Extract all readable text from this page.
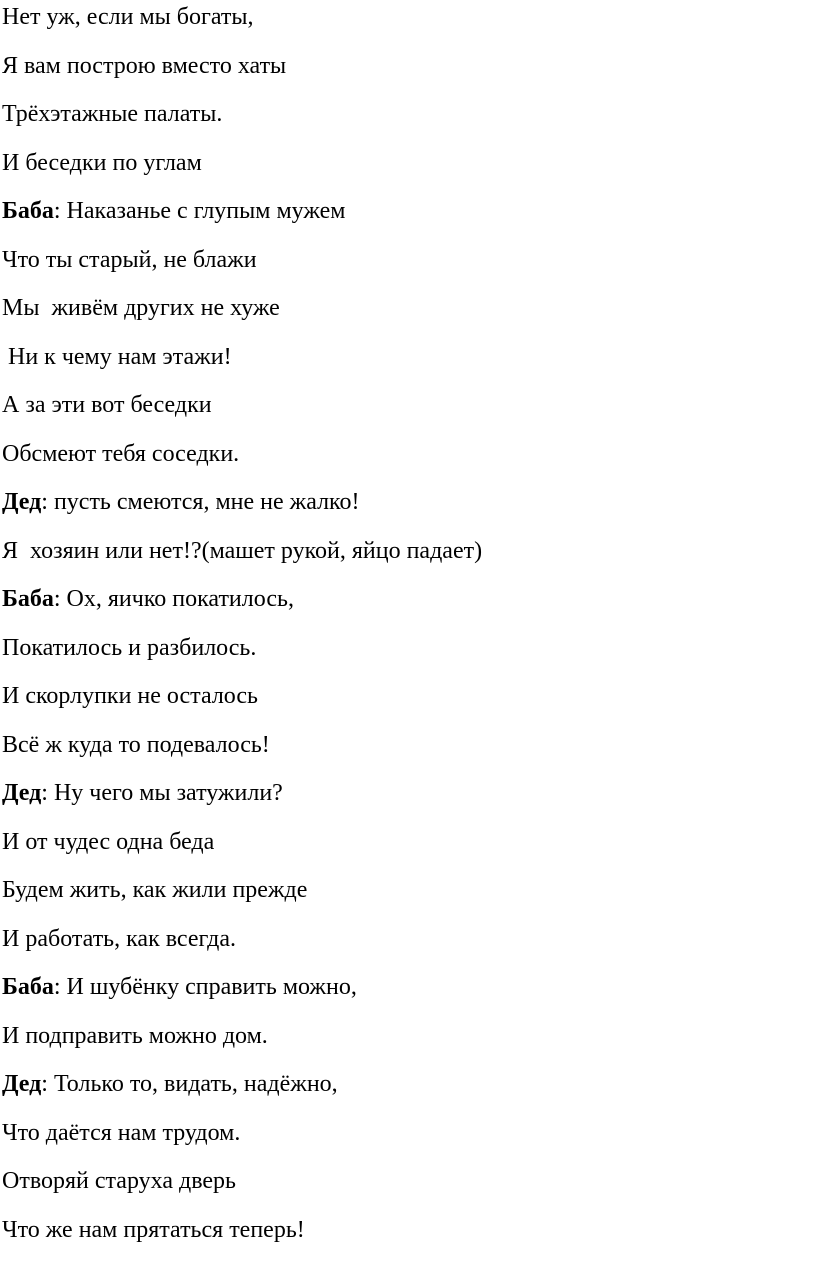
Нет уж, если мы богаты,
Я вам построю вместо хаты
Трёхэтажные палаты.
И беседки по углам
Баба: Наказанье с глупым мужем
Что ты старый, не блажи
Мы  живём других не хуже
Ни к чему нам этажи!
А за эти вот беседки
Обсмеют тебя соседки.
Дед: пусть смеются, мне не жалко!
Я  хозяин или нет!?(машет рукой, яйцо падает)
Баба: Ох, яичко покатилось,
Покатилось и разбилось.
И скорлупки не осталось
Всё ж куда то подевалось!
Дед: Ну чего мы затужили?
И от чудес одна беда
Будем жить, как жили прежде
И работать, как всегда.
Баба: И шубёнку справить можно,
И подправить можно дом.
Дед: Только то, видать, надёжно,
Что даётся нам трудом.
Отворяй старуха дверь
Что же нам прятаться теперь!
